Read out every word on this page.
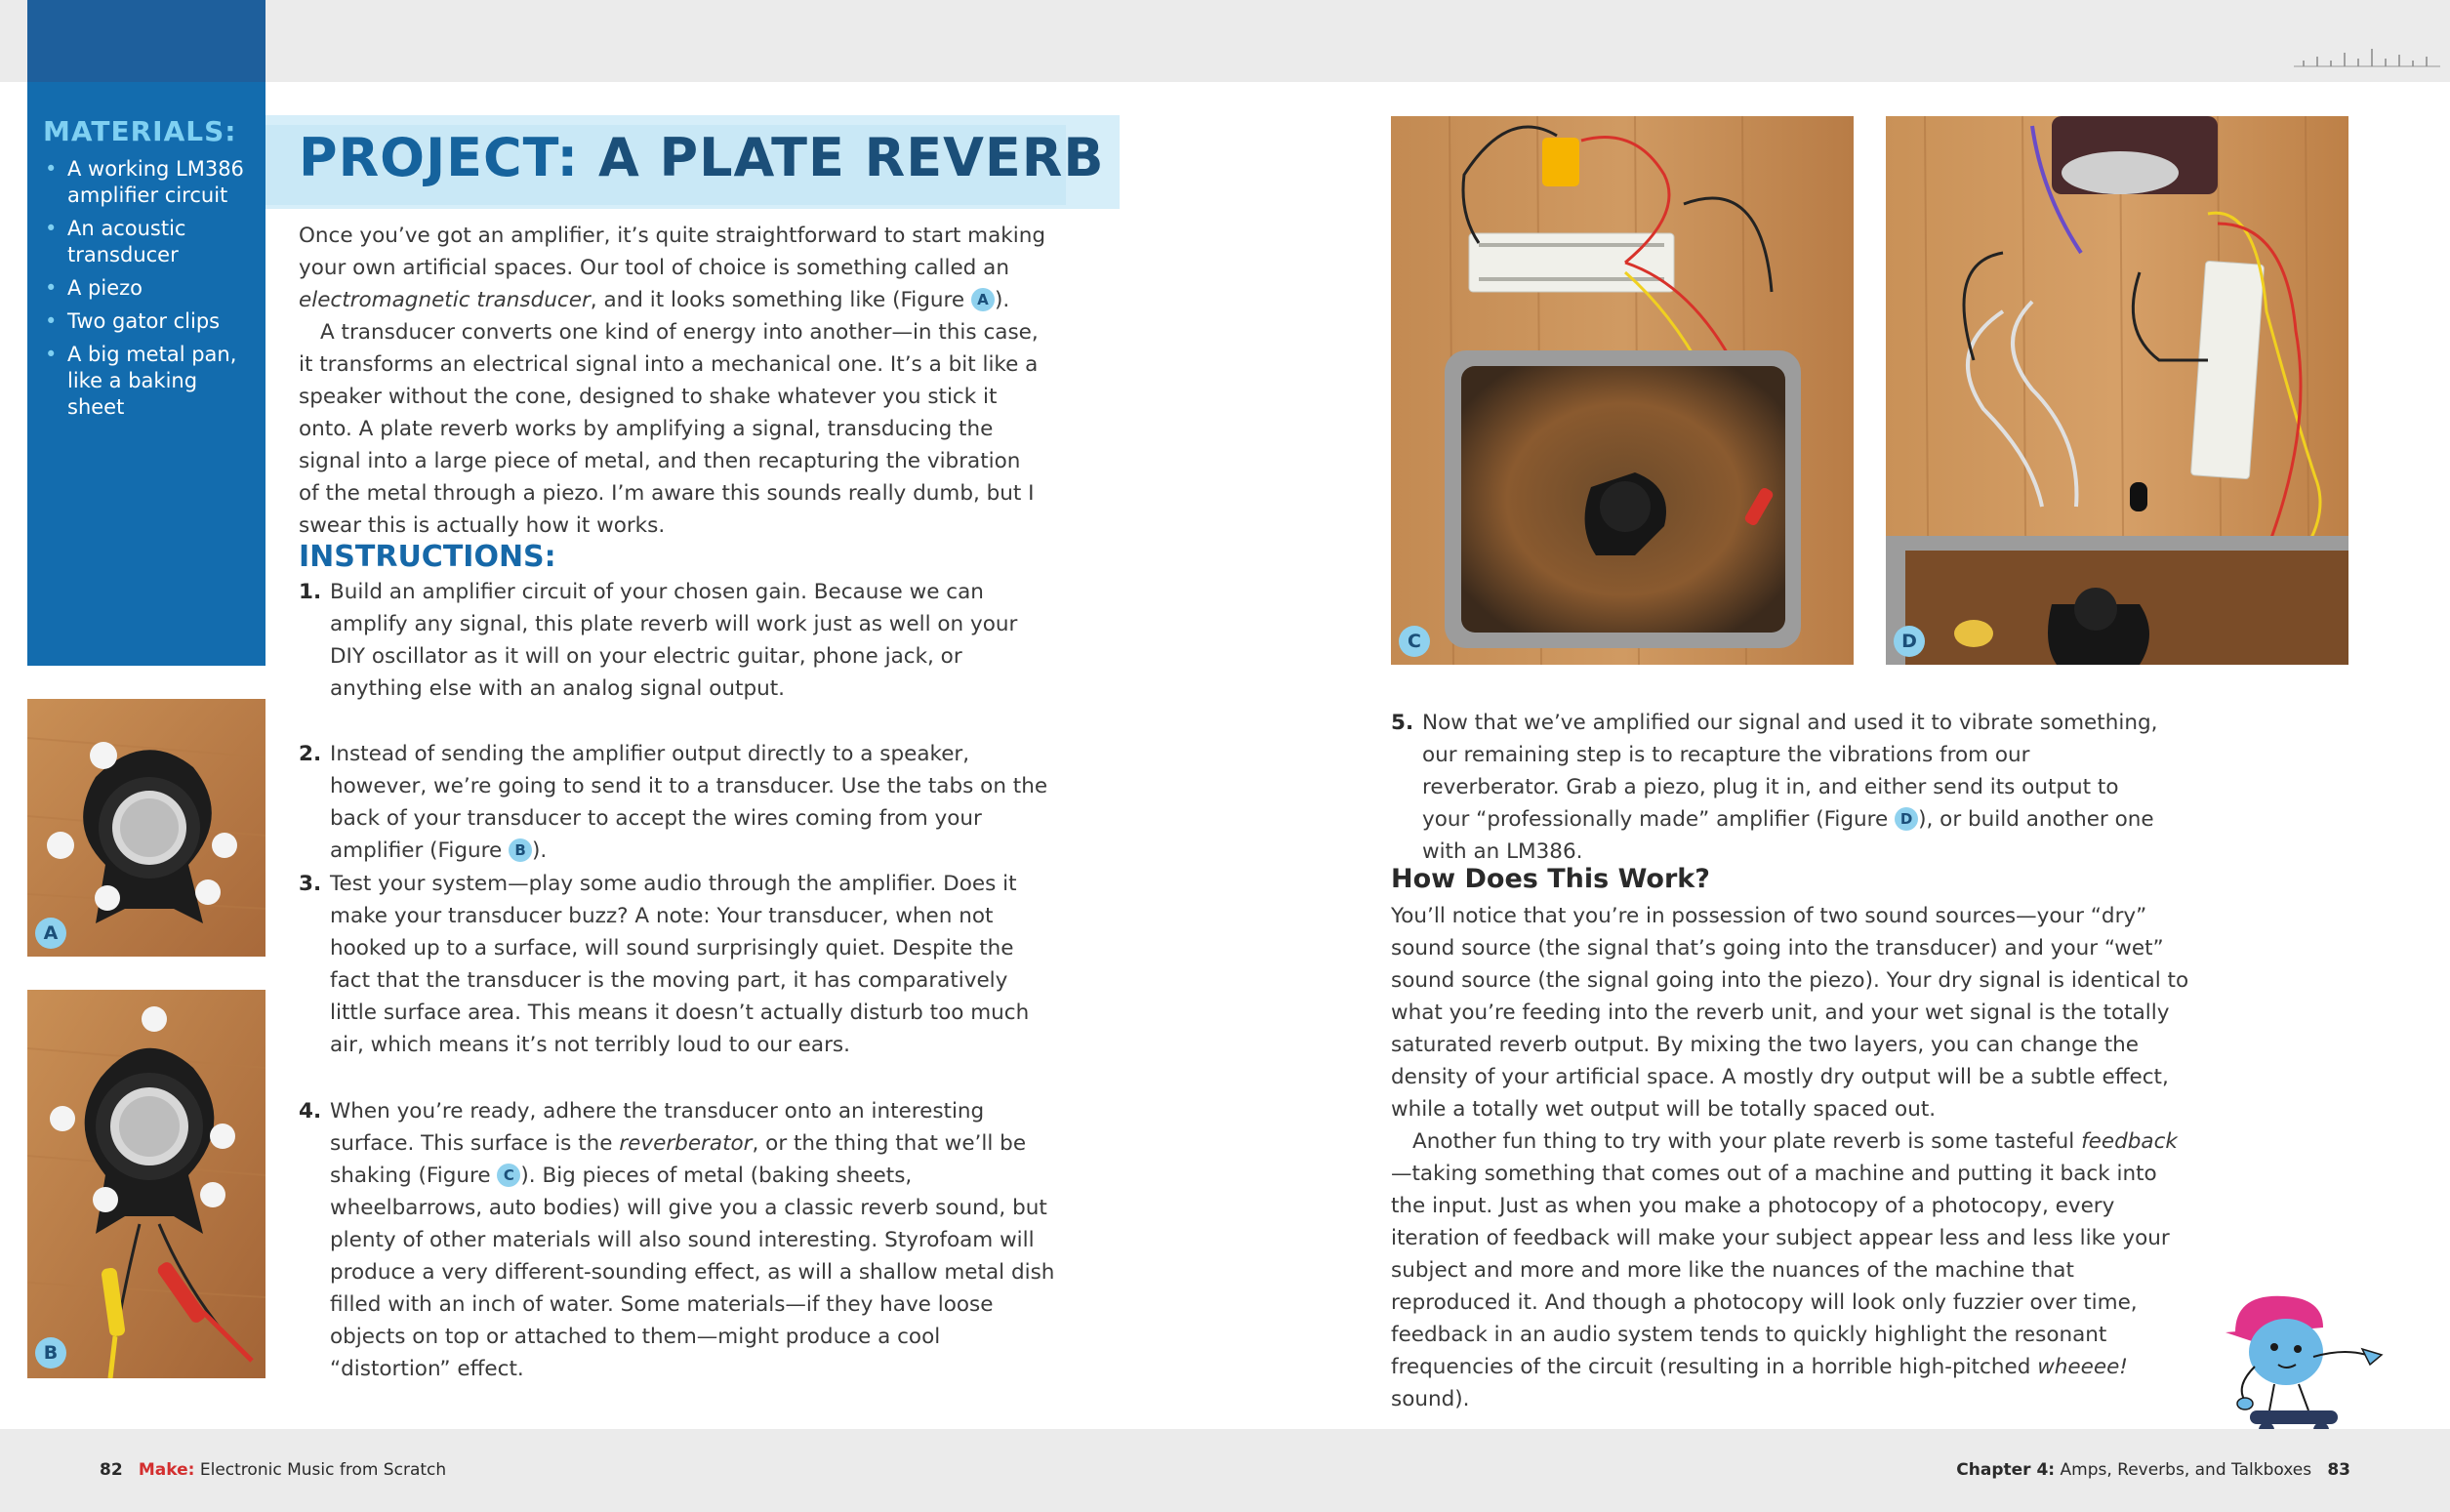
MATERIALS:
• A working LM386 amplifier circuit
• An acoustic transducer
• A piezo
• Two gator clips
• A big metal pan, like a baking sheet
PROJECT: A PLATE REVERB

Once you’ve got an amplifier, it’s quite straightforward to start making your own artificial spaces. Our tool of choice is something called an electromagnetic transducer, and it looks something like (Figure A ).

A transducer converts one kind of energy into another—in this case, it transforms an electrical signal into a mechanical one. It’s a bit like a speaker without the cone, designed to shake whatever you stick it onto. A plate reverb works by amplifying a signal, transducing the signal into a large piece of metal, and then recapturing the vibration of the metal through a piezo. I’m aware this sounds really dumb, but I swear this is actually how it works.

INSTRUCTIONS:
1. Build an amplifier circuit of your chosen gain. Because we can amplify any signal, this plate reverb will work just as well on your DIY oscillator as it will on your electric guitar, phone jack, or anything else with an analog signal output.
2. Instead of sending the amplifier output directly to a speaker, however, we’re going to send it to a transducer. Use the tabs on the back of your transducer to accept the wires coming from your amplifier (Figure B ).
3. Test your system—play some audio through the amplifier. Does it make your transducer buzz? A note: Your transducer, when not hooked up to a surface, will sound surprisingly quiet. Despite the fact that the transducer is the moving part, it has comparatively little surface area. This means it doesn’t actually disturb too much air, which means it’s not terribly loud to our ears.
4. When you’re ready, adhere the transducer onto an interesting surface. This surface is the reverberator, or the thing that we’ll be shaking (Figure C ). Big pieces of metal (baking sheets, wheelbarrows, auto bodies) will give you a classic reverb sound, but plenty of other materials will also sound interesting. Styrofoam will produce a very different-sounding effect, as will a shallow metal dish filled with an inch of water. Some materials—if they have loose objects on top or attached to them—might produce a cool “distortion” effect.
5. Now that we’ve amplified our signal and used it to vibrate something, our remaining step is to recapture the vibrations from our reverberator. Grab a piezo, plug it in, and either send its output to your “professionally made” amplifier (Figure D ), or build another one with an LM386.
How Does This Work?

You’ll notice that you’re in possession of two sound sources—your “dry” sound source (the signal that’s going into the transducer) and your “wet” sound source (the signal going into the piezo). Your dry signal is identical to what you’re feeding into the reverb unit, and your wet signal is the totally saturated reverb output. By mixing the two layers, you can change the density of your artificial space. A mostly dry output will be a subtle effect, while a totally wet output will be totally spaced out.

Another fun thing to try with your plate reverb is some tasteful feedback—taking something that comes out of a machine and putting it back into the input. Just as when you make a photocopy of a photocopy, every iteration of feedback will make your subject appear less and less like your subject and more and more like the nuances of the machine that reproduced it. And though a photocopy will look only fuzzier over time, feedback in an audio system tends to quickly highlight the resonant frequencies of the circuit (resulting in a horrible high-pitched wheeee! sound).

A
B
C	D
82 Make: Electronic Music from Scratch	Chapter 4: Amps, Reverbs, and Talkboxes 83
